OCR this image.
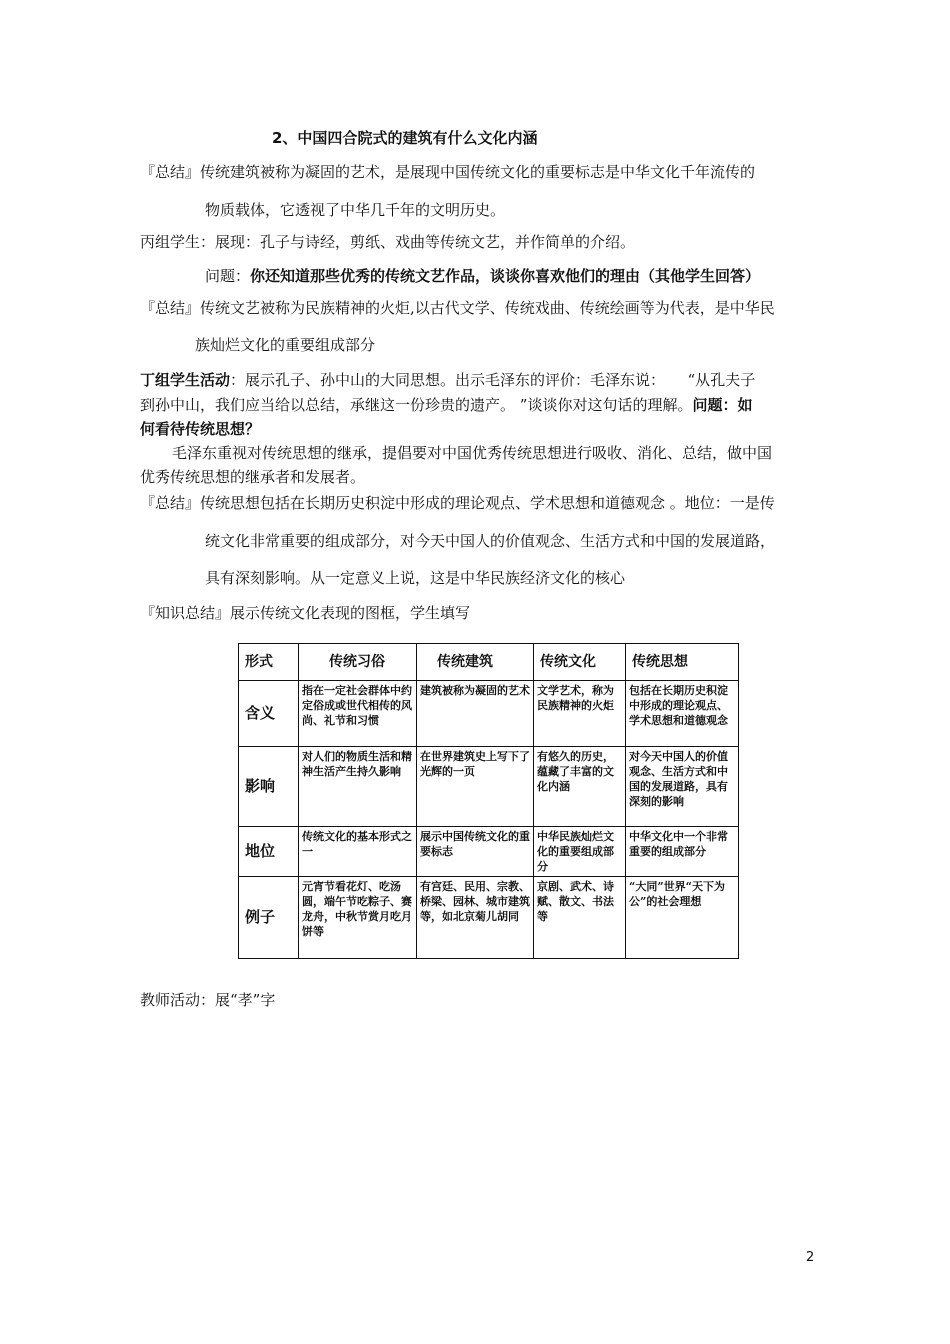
2、中国四合院式的建筑有什么文化内涵
『总结』传统建筑被称为凝固的艺术，是展现中国传统文化的重要标志是中华文化千年流传的
物质载体，它透视了中华几千年的文明历史。
丙组学生：展现：孔子与诗经，剪纸、戏曲等传统文艺，并作简单的介绍。
问题：你还知道那些优秀的传统文艺作品，谈谈你喜欢他们的理由（其他学生回答）
『总结』传统文艺被称为民族精神的火炬,以古代文学、传统戏曲、传统绘画等为代表，是中华民
族灿烂文化的重要组成部分
丁组学生活动：展示孔子、孙中山的大同思想。出示毛泽东的评价：毛泽东说：　　“从孔夫子
到孙中山，我们应当给以总结，承继这一份珍贵的遗产。 ”谈谈你对这句话的理解。问题：如
何看待传统思想？
毛泽东重视对传统思想的继承，提倡要对中国优秀传统思想进行吸收、消化、总结，做中国
优秀传统思想的继承者和发展者。
『总结』传统思想包括在长期历史积淀中形成的理论观点、学术思想和道德观念 。地位：一是传
统文化非常重要的组成部分，对今天中国人的价值观念、生活方式和中国的发展道路，
具有深刻影响。从一定意义上说，这是中华民族经济文化的核心
『知识总结』展示传统文化表现的图框，学生填写
形式	传统习俗	传统建筑	传统文化	传统思想
含义	指在一定社会群体中约定俗成或世代相传的风尚、礼节和习惯	建筑被称为凝固的艺术	文学艺术，称为民族精神的火炬	包括在长期历史积淀中形成的理论观点、学术思想和道德观念
影响	对人们的物质生活和精神生活产生持久影响	在世界建筑史上写下了光辉的一页	有悠久的历史，蕴藏了丰富的文化内涵	对今天中国人的价值观念、生活方式和中国的发展道路，具有深刻的影响
地位	传统文化的基本形式之一	展示中国传统文化的重要标志	中华民族灿烂文化的重要组成部分	中华文化中一个非常重要的组成部分
例子	元宵节看花灯、吃汤圆，端午节吃粽子、赛龙舟，中秋节赏月吃月饼等	有宫廷、民用、宗教、桥梁、园林、城市建筑等，如北京菊儿胡同	京剧、武术、诗赋、散文、书法等	“大同”世界“天下为公”的社会理想
教师活动：展“孝”字
2
